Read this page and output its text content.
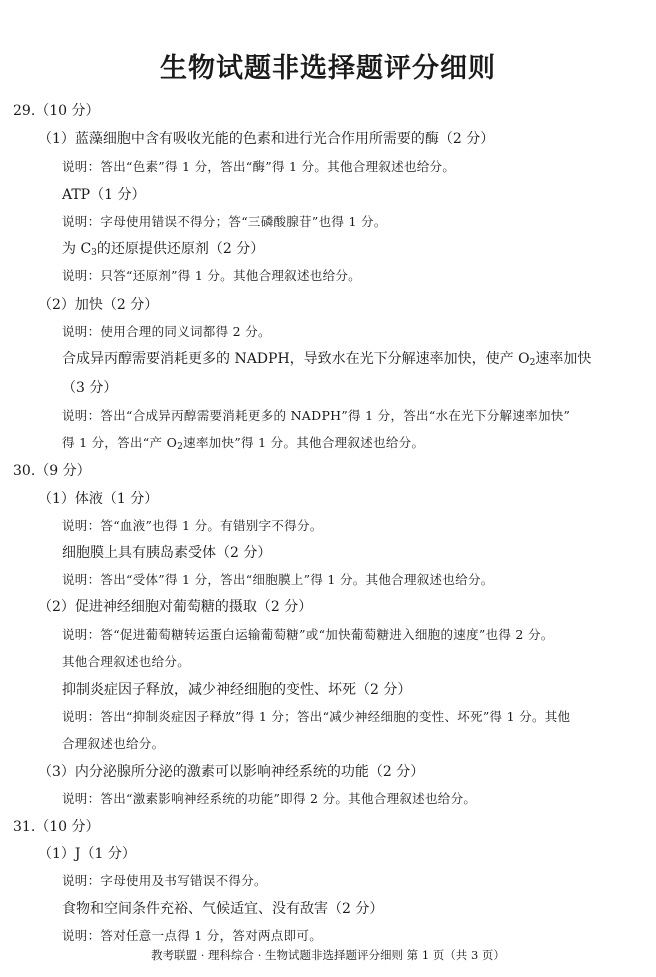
生物试题非选择题评分细则
29.（10 分）
（1）蓝藻细胞中含有吸收光能的色素和进行光合作用所需要的酶（2 分）
说明：答出“色素”得 1 分，答出“酶”得 1 分。其他合理叙述也给分。
ATP（1 分）
说明：字母使用错误不得分；答“三磷酸腺苷”也得 1 分。
为 $C_3$的还原提供还原剂（2 分）
说明：只答“还原剂”得 1 分。其他合理叙述也给分。
（2）加快（2 分）
说明：使用合理的同义词都得 2 分。
合成异丙醇需要消耗更多的 NADPH，导致水在光下分解速率加快，使产 $O_2$速率加快
（3 分）
说明：答出“合成异丙醇需要消耗更多的 NADPH”得 1 分，答出“水在光下分解速率加快”
得 1 分，答出“产 $O_2$速率加快”得 1 分。其他合理叙述也给分。
30.（9 分）
（1）体液（1 分）
说明：答“血液”也得 1 分。有错别字不得分。
细胞膜上具有胰岛素受体（2 分）
说明：答出“受体”得 1 分，答出“细胞膜上”得 1 分。其他合理叙述也给分。
（2）促进神经细胞对葡萄糖的摄取（2 分）
说明：答“促进葡萄糖转运蛋白运输葡萄糖”或“加快葡萄糖进入细胞的速度”也得 2 分。
其他合理叙述也给分。
抑制炎症因子释放，减少神经细胞的变性、坏死（2 分）
说明：答出“抑制炎症因子释放”得 1 分；答出“减少神经细胞的变性、坏死”得 1 分。其他
合理叙述也给分。
（3）内分泌腺所分泌的激素可以影响神经系统的功能（2 分）
说明：答出“激素影响神经系统的功能”即得 2 分。其他合理叙述也给分。
31.（10 分）
（1）J（1 分）
说明：字母使用及书写错误不得分。
食物和空间条件充裕、气候适宜、没有敌害（2 分）
说明：答对任意一点得 1 分，答对两点即可。
教考联盟 · 理科综合 · 生物试题非选择题评分细则 第 1 页（共 3 页）
